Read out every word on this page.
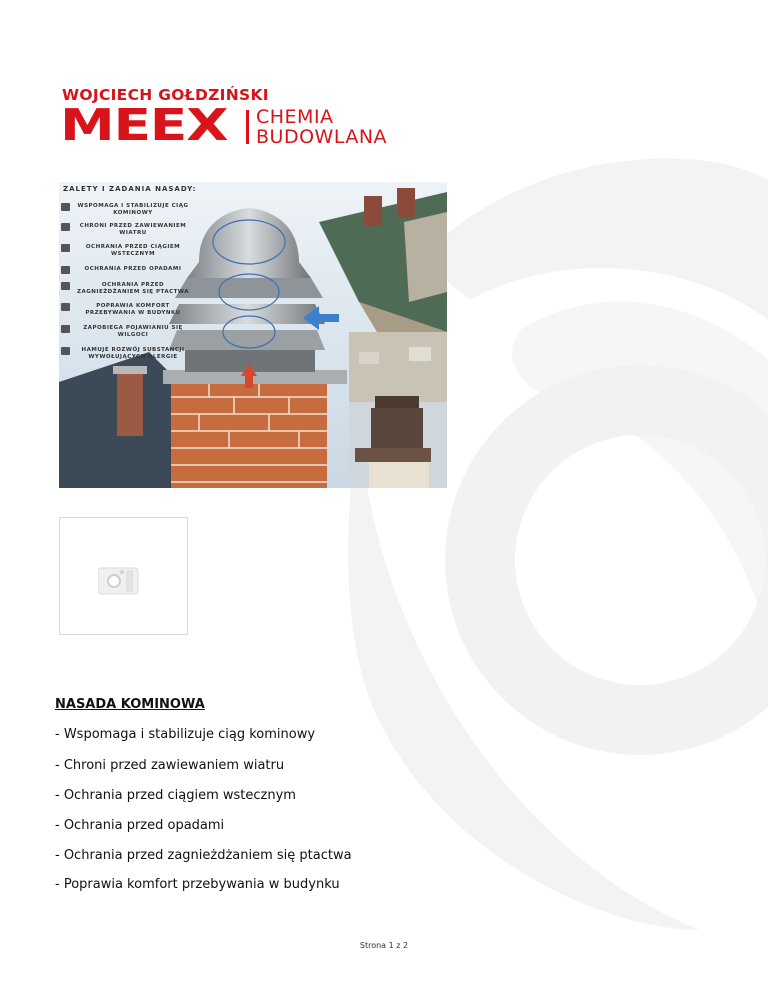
WOJCIECH GOŁDZIŃSKI
MEEX CHEMIA
BUDOWLANA
ZALETY I ZADANIA NASADY:
WSPOMAGA I STABILIZUJE CIĄG KOMINOWY
CHRONI PRZED ZAWIEWANIEM WIATRU
OCHRANIA PRZED CIĄGIEM WSTECZNYM
OCHRANIA PRZED OPADAMI
OCHRANIA PRZED ZAGNIEŻDŻANIEM SIĘ PTACTWA
POPRAWIA KOMFORT PRZEBYWANIA W BUDYNKU
ZAPOBIEGA POJAWIANIU SIĘ WILGOCI
HAMUJE ROZWÓJ SUBSTANCJI WYWOŁUJĄCYCH ALERGIE
NASADA KOMINOWA
- Wspomaga i stabilizuje ciąg kominowy
- Chroni przed zawiewaniem wiatru
- Ochrania przed ciągiem wstecznym
- Ochrania przed opadami
- Ochrania przed zagnieżdżaniem się ptactwa
- Poprawia komfort przebywania w budynku
Strona 1 z 2
